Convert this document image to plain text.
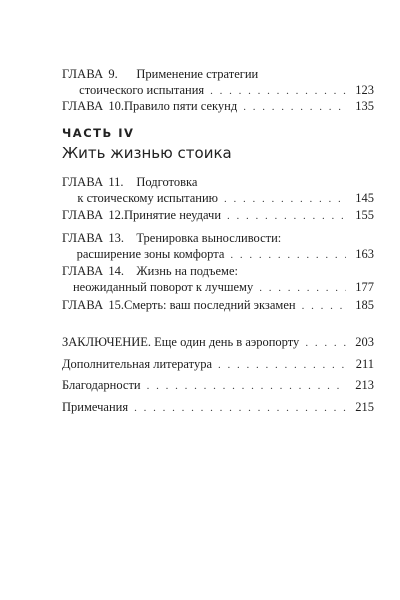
ГЛАВА 9.	Применение стратегии
стоического испытания . . .	123
ГЛАВА 10. Правило пяти секунд . . .	135
ЧАСТЬ IV
Жить жизнью стоика
ГЛАВА 11.	Подготовка
к стоическому испытанию . . .	145
ГЛАВА 12. Принятие неудачи . . .	155
ГЛАВА 13. Тренировка выносливости:
расширение зоны комфорта . . .	163
ГЛАВА 14. Жизнь на подъеме:
неожиданный поворот к лучшему . . .	177
ГЛАВА 15. Смерть: ваш последний экзамен . . .	185
ЗАКЛЮЧЕНИЕ. Еще один день в аэропорту . . .	203
Дополнительная литература . . .	211
Благодарности . . .	213
Примечания . . .	215
